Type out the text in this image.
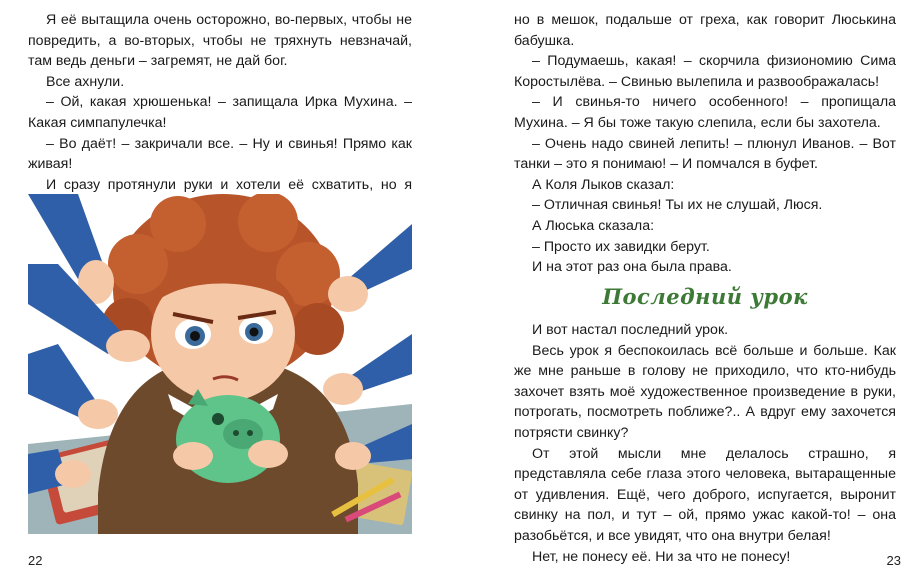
Я её вытащила очень осторожно, во-первых, чтобы не повредить, а во-вторых, чтобы не тряхнуть невзначай, там ведь деньги – загремят, не дай бог.

Все ахнули.

– Ой, какая хрюшенька! – запищала Ирка Мухина. – Какая симпапулечка!

– Во даёт! – закричали все. – Ну и свинья! Прямо как живая!

И сразу протянули руки и хотели её схватить, но я

22

но в мешок, подальше от греха, как говорит Люськина бабушка.

– Подумаешь, какая! – скорчила физиономию Сима Коростылёва. – Свинью вылепила и развоображалась!

– И свинья-то ничего особенного! – пропищала Мухина. – Я бы тоже такую слепила, если бы захотела.

– Очень надо свиней лепить! – плюнул Иванов. – Вот танки – это я понимаю! – И помчался в буфет.

А Коля Лыков сказал:

– Отличная свинья! Ты их не слушай, Люся.

А Люська сказала:

– Просто их завидки берут.

И на этот раз она была права.

Последний урок

И вот настал последний урок.

Весь урок я беспокоилась всё больше и больше. Как же мне раньше в голову не приходило, что кто-нибудь захочет взять моё художественное произведение в руки, потрогать, посмотреть поближе?.. А вдруг ему захочется потрясти свинку?

От этой мысли мне делалось страшно, я представляла себе глаза этого человека, вытаращенные от удивления. Ещё, чего доброго, испугается, выронит свинку на пол, и тут – ой, прямо ужас какой-то! – она разобьётся, и все увидят, что она внутри белая!

Нет, не понесу её. Ни за что не понесу!	23
